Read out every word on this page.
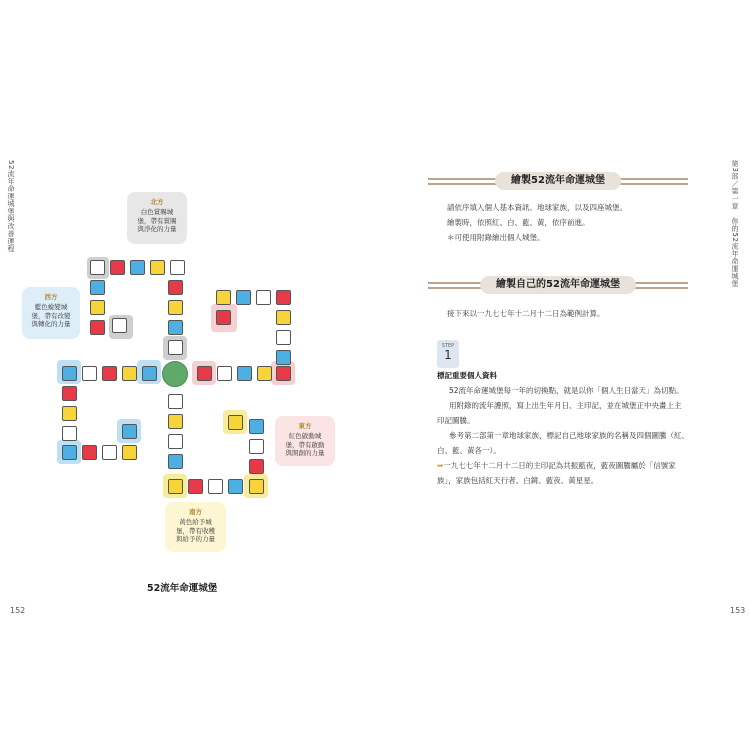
52流年命運城堡與改善運程
152
北方
白色賞賜城
堡，帶有賞賜
與淨化的力量
西方
藍色蛻變城
堡，帶有改變
與轉化的力量
東方
紅色啟動城
堡，帶有啟動
與開創的力量
南方
黃色給予城
堡，帶有收穫
與給予的力量
52流年命運城堡
第3部／第一章　你的52流年命運城堡
153
繪製52流年命運城堡
請依序填入個人基本資訊、地球家族，以及四座城堡。
繪製時，依照紅、白、藍、黃，依序前進。
＊可使用附錄繪出個人城堡。
繪製自己的52流年命運城堡
接下來以一九七七年十二月十二日為範例計算。
STEP
1
標記重要個人資料
52流年命運城堡每一年的切換點，就是以你「個人生日當天」為切點。
用附錄的流年護照，寫上出生年月日、主印記，並在城堡正中央畫上主
印記圖騰。
參考第二部第一章地球家族，標記自己地球家族的名稱及四個圖騰（紅、
白、藍、黃各一）。
➡一九七七年十二月十二日的主印記為共振藍夜，藍夜圖騰屬於「信號家
族」，家族包括紅天行者、白鏡、藍夜、黃星星。
